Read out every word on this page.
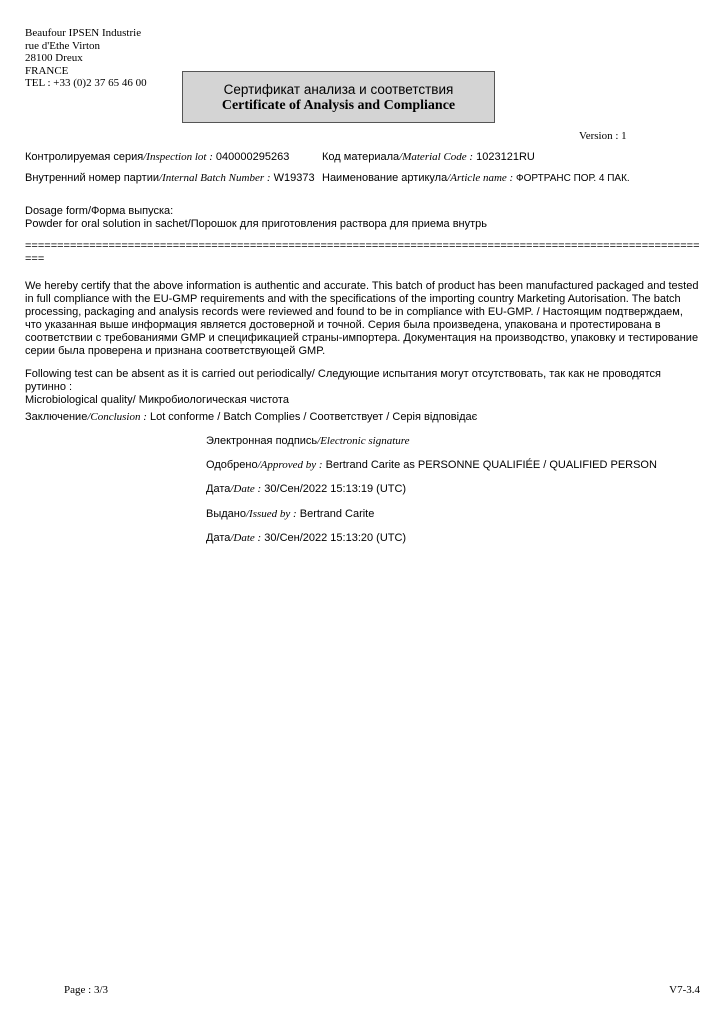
Beaufour IPSEN Industrie
rue d'Ethe Virton
28100 Dreux
FRANCE
TEL : +33 (0)2 37 65 46 00	Сертификат анализа и соответствия
Certificate of Analysis and Compliance
Version : 1
Контролируемая серия/Inspection lot : 040000295263	Код материала/Material Code : 1023121RU
Внутренний номер партии/Internal Batch Number : W19373 Наименование артикула/Article name : ФОРТРАНС ПОР. 4 ПАК.
Dosage form/Форма выпуска:
Powder for oral solution in sachet/Порошок для приготовления раствора для приема внутрь
============================================================================================================
We hereby certify that the above information is authentic and accurate. This batch of product has been manufactured packaged and tested in full compliance with the EU-GMP requirements and with the specifications of the importing country Marketing Autorisation. The batch processing, packaging and analysis records were reviewed and found to be in compliance with EU-GMP. / Настоящим подтверждаем, что указанная выше информация является достоверной и точной. Серия была произведена, упакована и протестирована в соответствии с требованиями GMP и спецификацией страны-импортера. Документация на производство, упаковку и тестирование серии была проверена и признана соответствующей GMP.
Following test can be absent as it is carried out periodically/ Следующие испытания могут отсутствовать, так как не проводятся рутинно :
Microbiological quality/ Микробиологическая чистота
Заключение/Conclusion : Lot conforme / Batch Complies / Соответствует / Серія відповідає
Электронная подпись/Electronic signature
Одобрено/Approved by : Bertrand Carite as PERSONNE QUALIFIÉE / QUALIFIED PERSON
Дата/Date : 30/Сен/2022 15:13:19 (UTC)
Выдано/Issued by : Bertrand Carite
Дата/Date : 30/Сен/2022 15:13:20 (UTC)
Page : 3/3	V7-3.4
